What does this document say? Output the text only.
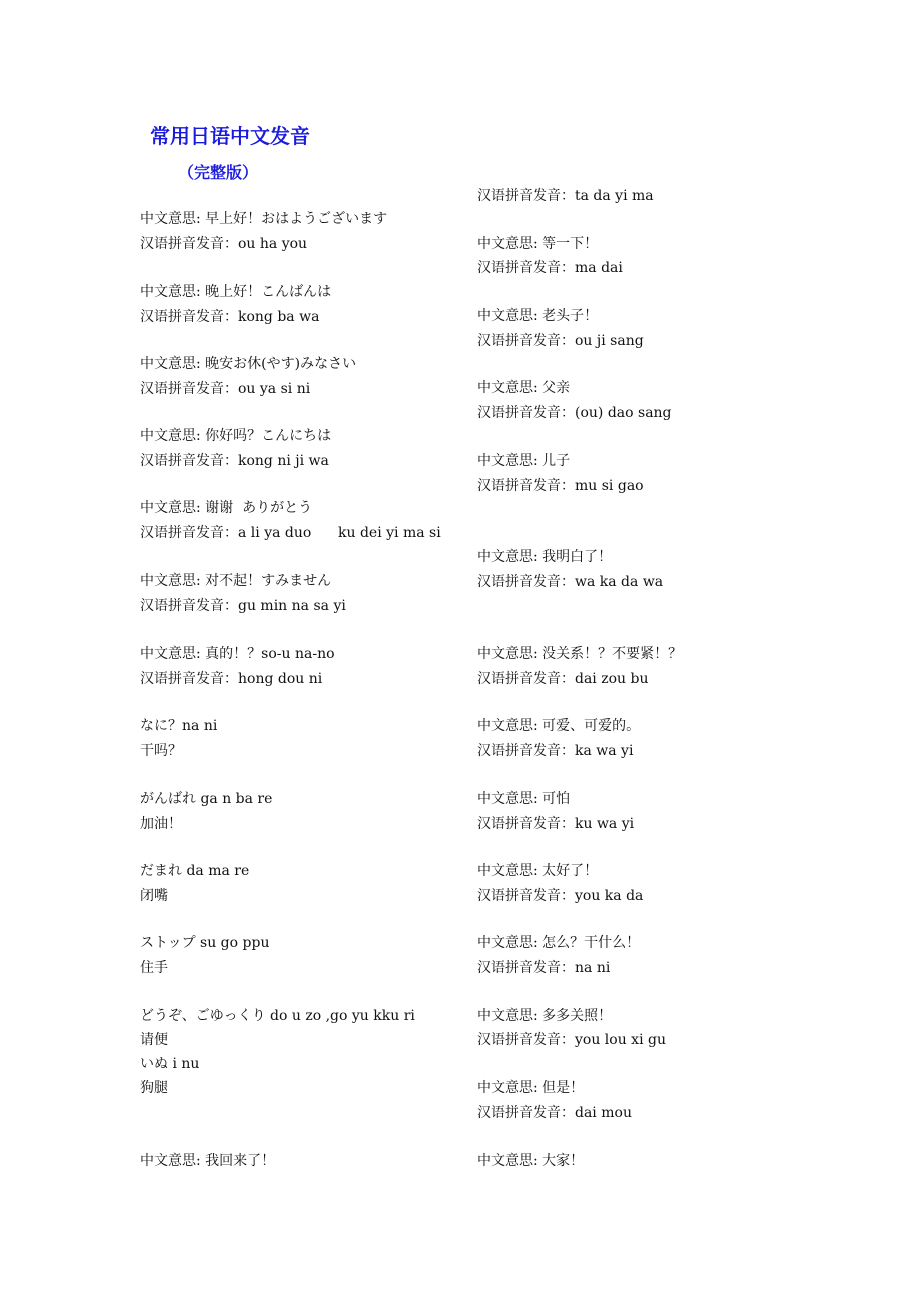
常用日语中文发音
（完整版）
中文意思: 早上好！おはようございます
汉语拼音发音：ou ha you
中文意思: 晚上好！こんばんは
汉语拼音发音：kong ba wa
中文意思: 晚安お休(やす)みなさい
汉语拼音发音：ou ya si ni
中文意思: 你好吗？こんにちは
汉语拼音发音：kong ni ji wa
中文意思: 谢谢  ありがとう
汉语拼音发音：a li ya duo      ku dei yi ma si
中文意思: 对不起！すみません
汉语拼音发音：gu min na sa yi
中文意思: 真的！？so-u na-no
汉语拼音发音：hong dou ni
なに？na ni
干吗？
がんばれ ga n ba re
加油！
だまれ da ma re
闭嘴
ストップ su go ppu
住手
どうぞ、ごゆっくり do u zo ,go yu kku ri
请便
いぬ i nu
狗腿
中文意思: 我回来了！
汉语拼音发音：ta da yi ma
中文意思: 等一下！
汉语拼音发音：ma dai
中文意思: 老头子！
汉语拼音发音：ou ji sang
中文意思: 父亲
汉语拼音发音：(ou) dao sang
中文意思: 儿子
汉语拼音发音：mu si gao
中文意思: 我明白了！
汉语拼音发音：wa ka da wa
中文意思: 没关系！？不要紧！？
汉语拼音发音：dai zou bu
中文意思: 可爱、可爱的。
汉语拼音发音：ka wa yi
中文意思: 可怕
汉语拼音发音：ku wa yi
中文意思: 太好了！
汉语拼音发音：you ka da
中文意思: 怎么？干什么！
汉语拼音发音：na ni
中文意思: 多多关照！
汉语拼音发音：you lou xi gu
中文意思: 但是！
汉语拼音发音：dai mou
中文意思: 大家！
